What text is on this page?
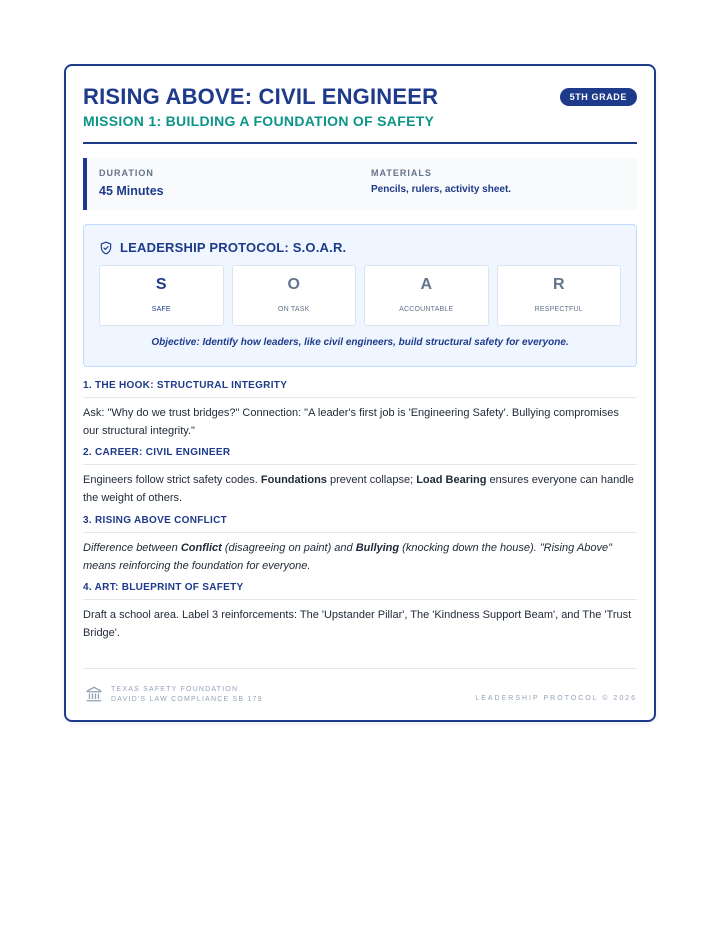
RISING ABOVE: CIVIL ENGINEER
MISSION 1: BUILDING A FOUNDATION OF SAFETY
5TH GRADE
DURATION
45 Minutes
MATERIALS
Pencils, rulers, activity sheet.
LEADERSHIP PROTOCOL: S.O.A.R.
S
SAFE
O
ON TASK
A
ACCOUNTABLE
R
RESPECTFUL
Objective: Identify how leaders, like civil engineers, build structural safety for everyone.
1. THE HOOK: STRUCTURAL INTEGRITY
Ask: "Why do we trust bridges?" Connection: "A leader's first job is 'Engineering Safety'. Bullying compromises our structural integrity."
2. CAREER: CIVIL ENGINEER
Engineers follow strict safety codes. Foundations prevent collapse; Load Bearing ensures everyone can handle the weight of others.
3. RISING ABOVE CONFLICT
Difference between Conflict (disagreeing on paint) and Bullying (knocking down the house). "Rising Above" means reinforcing the foundation for everyone.
4. ART: BLUEPRINT OF SAFETY
Draft a school area. Label 3 reinforcements: The 'Upstander Pillar', The 'Kindness Support Beam', and The 'Trust Bridge'.
TEXAS SAFETY FOUNDATION
DAVID'S LAW COMPLIANCE SB 179	LEADERSHIP PROTOCOL © 2026
